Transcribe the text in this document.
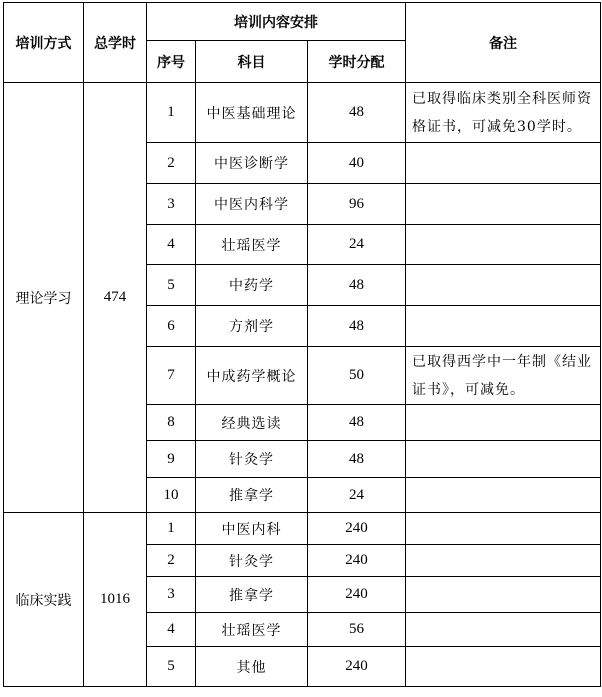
培训方式	总学时	培训内容安排			备注
		序号	科目	学时分配	
理论学习	474	1	中医基础理论	48	已取得临床类别全科医师资格证书，可减免30学时。
		2	中医诊断学	40	
		3	中医内科学	96	
		4	壮瑶医学	24	
		5	中药学	48	
		6	方剂学	48	
		7	中成药学概论	50	已取得西学中一年制《结业证书》，可减免。
		8	经典选读	48	
		9	针灸学	48	
		10	推拿学	24	
临床实践	1016	1	中医内科	240	
		2	针灸学	240	
		3	推拿学	240	
		4	壮瑶医学	56	
		5	其他	240	
